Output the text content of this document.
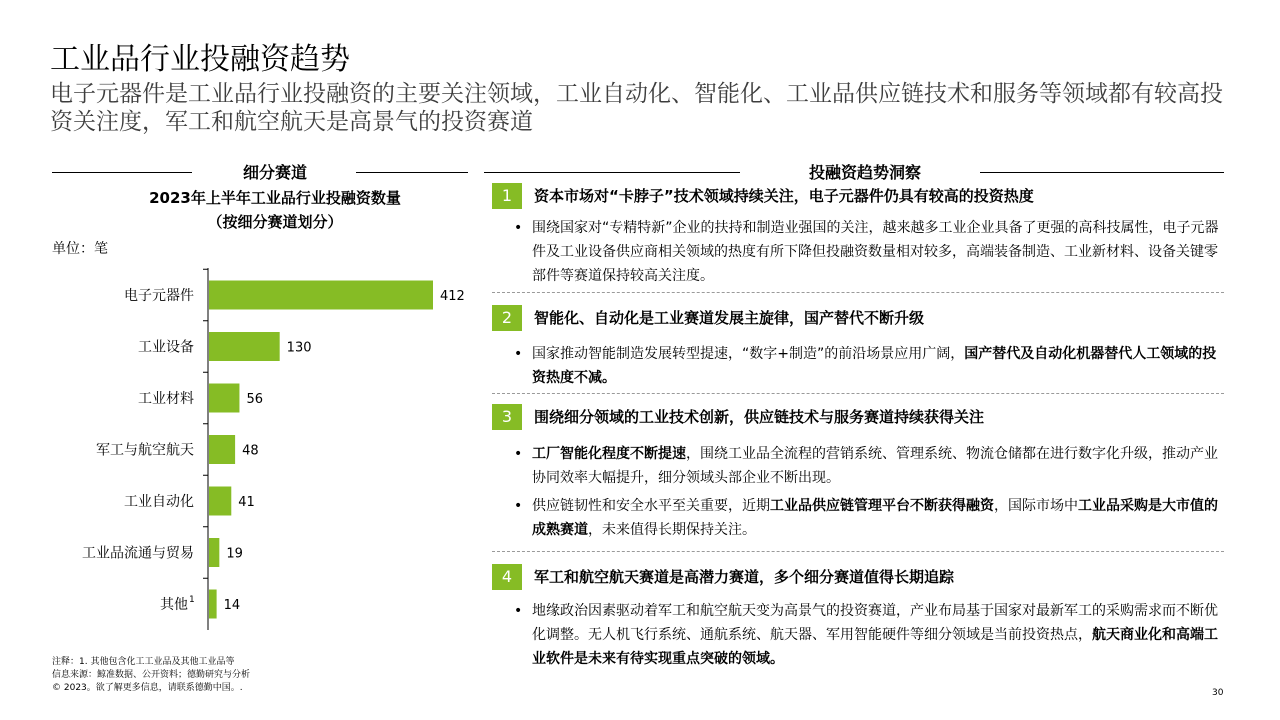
工业品行业投融资趋势
电子元器件是工业品行业投融资的主要关注领域，工业自动化、智能化、工业品供应链技术和服务等领域都有较高投资关注度，军工和航空航天是高景气的投资赛道
细分赛道
2023年上半年工业品行业投融资数量
（按细分赛道划分）
单位：笔
电子元器件	412
工业设备	130
工业材料	56
军工与航空航天	48
工业自动化	41
工业品流通与贸易 19
其他 1 14
投融资趋势洞察
1	资本市场对“卡脖子”技术领域持续关注，电子元器件仍具有较高的投资热度
• 围绕国家对“专精特新”企业的扶持和制造业强国的关注，越来越多工业企业具备了更强的高科技属性，电子元器件及工业设备供应商相关领域的热度有所下降但投融资数量相对较多，高端装备制造、工业新材料、设备关键零部件等赛道保持较高关注度。
2	智能化、自动化是工业赛道发展主旋律，国产替代不断升级
• 国家推动智能制造发展转型提速，“数字+制造”的前沿场景应用广阔，国产替代及自动化机器替代人工领域的投资热度不减。
3	围绕细分领域的工业技术创新，供应链技术与服务赛道持续获得关注
• 工厂智能化程度不断提速，围绕工业品全流程的营销系统、管理系统、物流仓储都在进行数字化升级，推动产业协同效率大幅提升，细分领域头部企业不断出现。
• 供应链韧性和安全水平至关重要，近期工业品供应链管理平台不断获得融资，国际市场中工业品采购是大市值的成熟赛道，未来值得长期保持关注。
4	军工和航空航天赛道是高潜力赛道，多个细分赛道值得长期追踪
• 地缘政治因素驱动着军工和航空航天变为高景气的投资赛道，产业布局基于国家对最新军工的采购需求而不断优化调整。无人机飞行系统、通航系统、航天器、军用智能硬件等细分领域是当前投资热点，航天商业化和高端工业软件是未来有待实现重点突破的领域。
注释：1. 其他包含化工工业品及其他工业品等
信息来源：鲸准数据、公开资料；德勤研究与分析
© 2023。欲了解更多信息，请联系德勤中国。.	30
